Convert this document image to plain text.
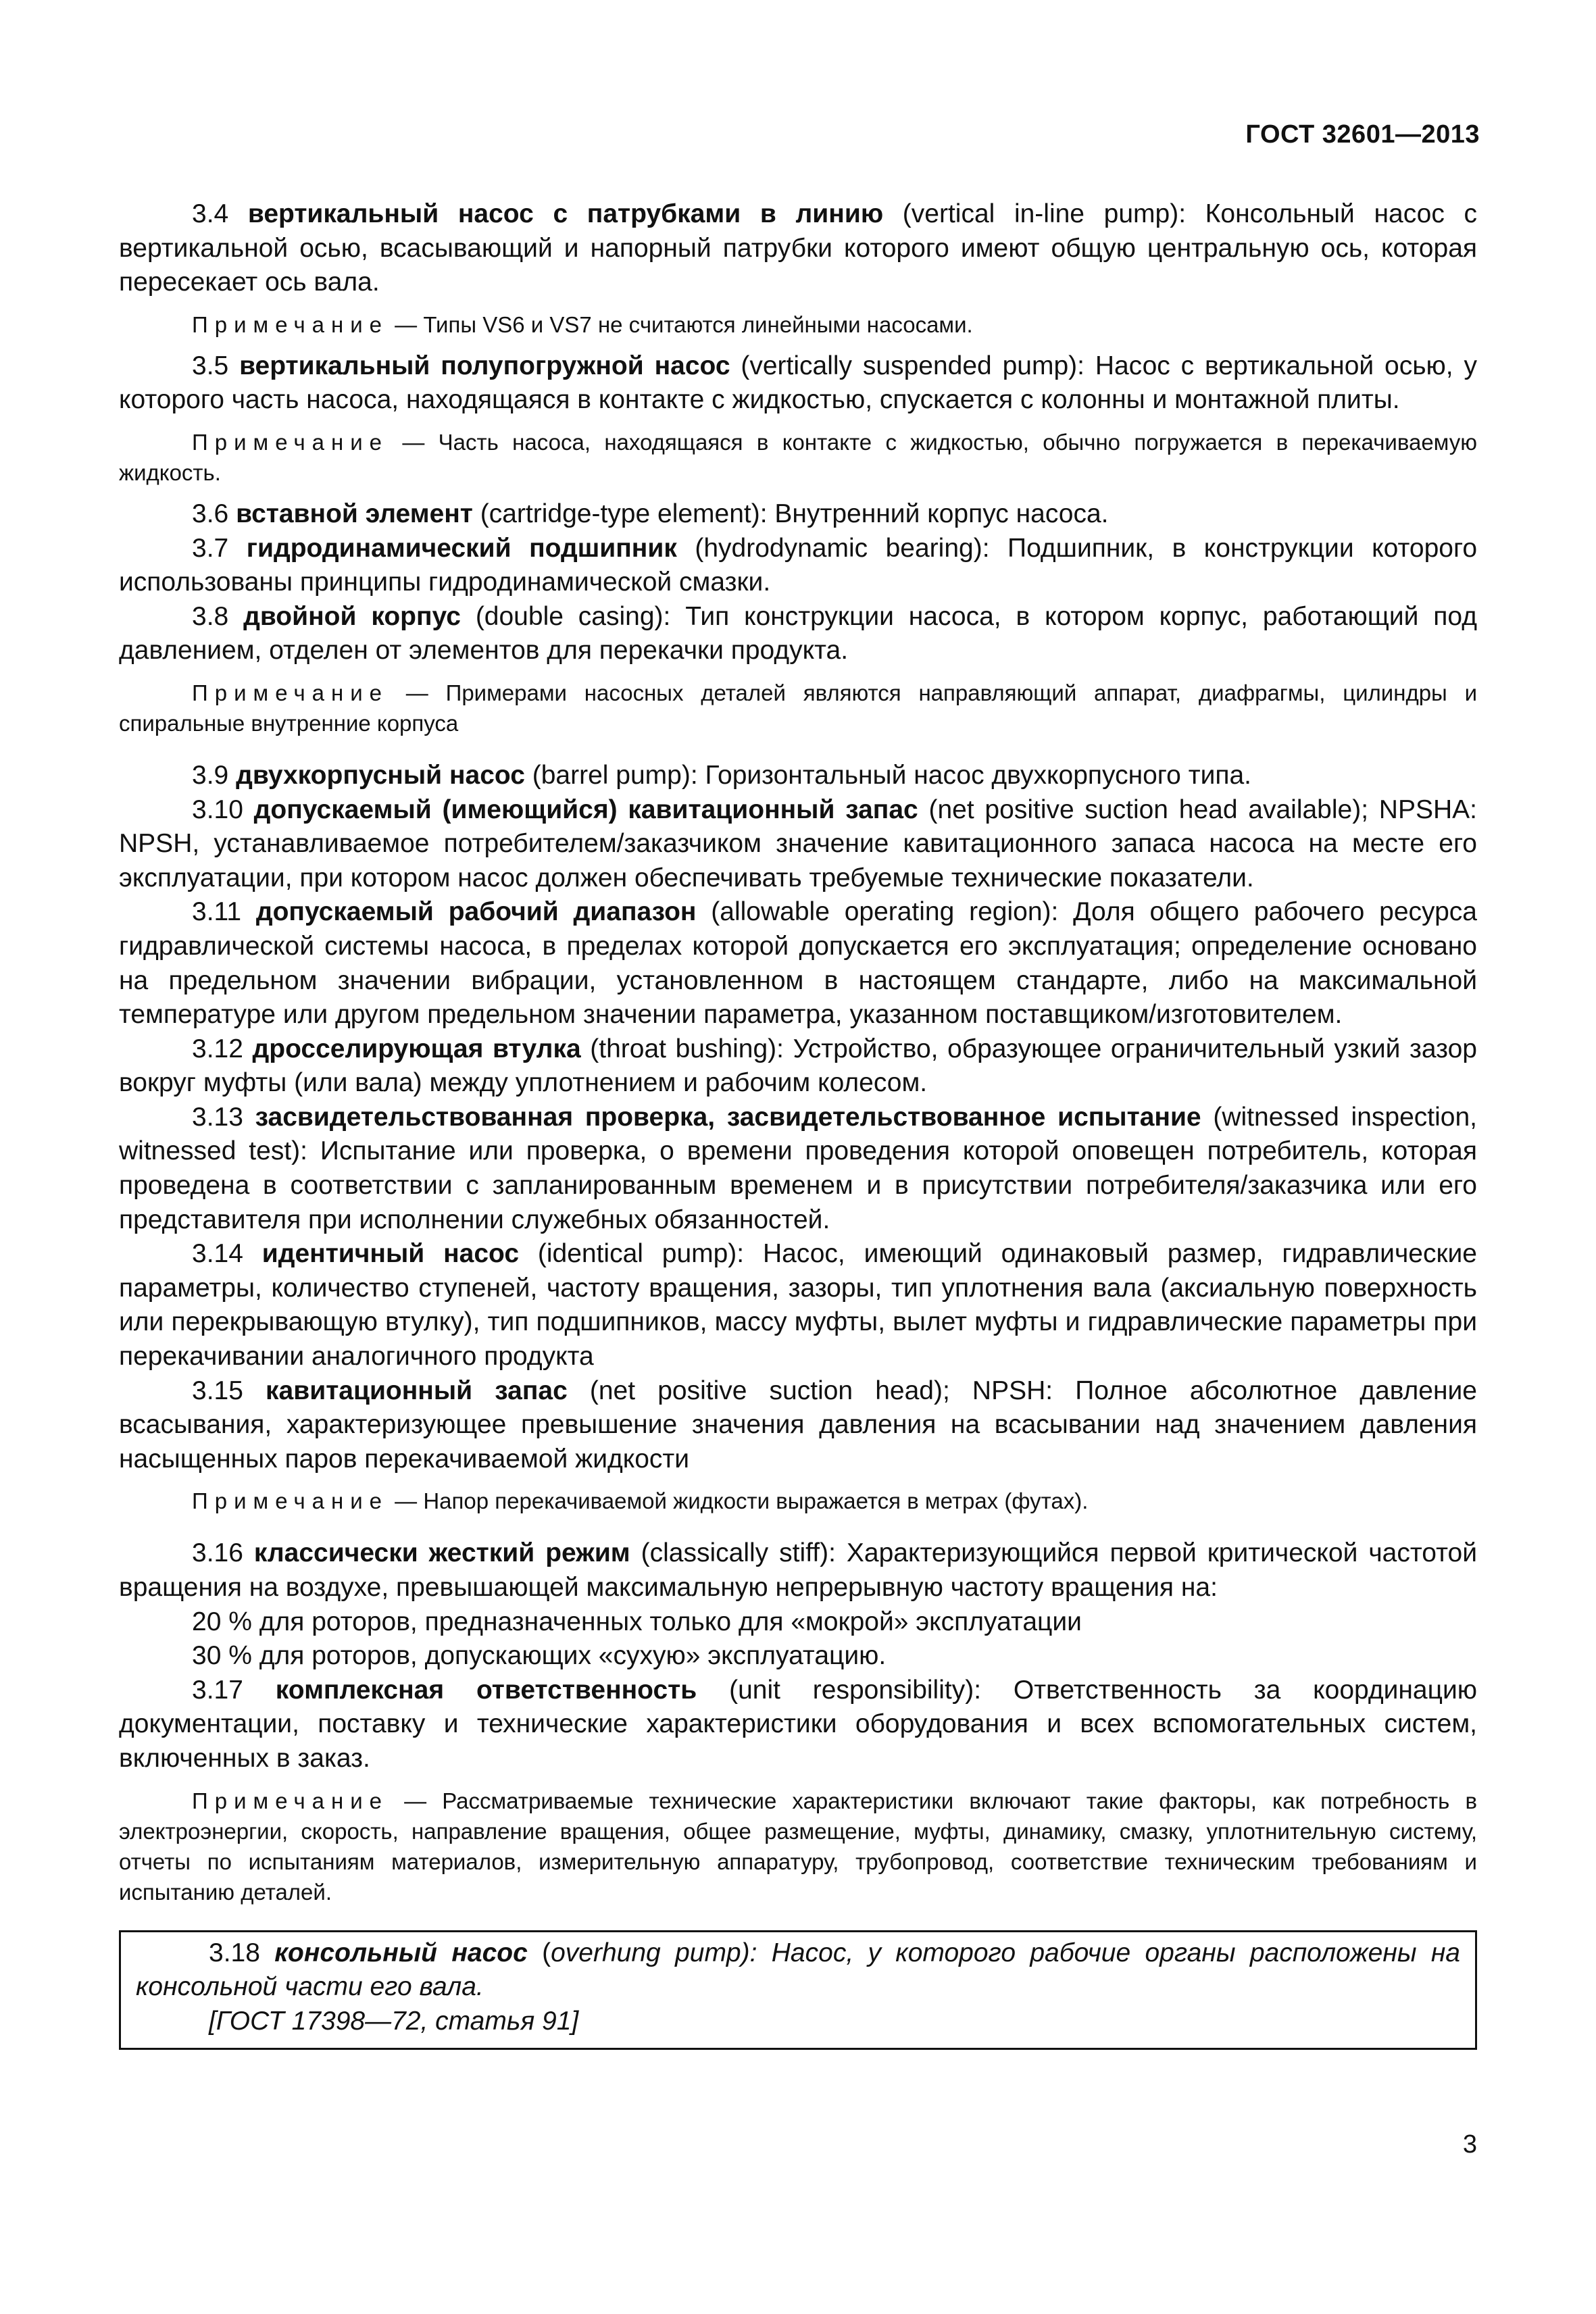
ГОСТ 32601—2013

3.4 вертикальный насос с патрубками в линию (vertical in-line pump): Консольный насос с вертикальной осью, всасывающий и напорный патрубки которого имеют общую центральную ось, которая пересекает ось вала.

Примечание — Типы VS6 и VS7 не считаются линейными насосами.

3.5 вертикальный полупогружной насос (vertically suspended pump): Насос с вертикальной осью, у которого часть насоса, находящаяся в контакте с жидкостью, спускается с колонны и монтажной плиты.

Примечание — Часть насоса, находящаяся в контакте с жидкостью, обычно погружается в перекачиваемую жидкость.

3.6 вставной элемент (cartridge-type element): Внутренний корпус насоса.

3.7 гидродинамический подшипник (hydrodynamic bearing): Подшипник, в конструкции которого использованы принципы гидродинамической смазки.

3.8 двойной корпус (double casing): Тип конструкции насоса, в котором корпус, работающий под давлением, отделен от элементов для перекачки продукта.

Примечание — Примерами насосных деталей являются направляющий аппарат, диафрагмы, цилиндры и спиральные внутренние корпуса

3.9 двухкорпусный насос (barrel pump): Горизонтальный насос двухкорпусного типа.

3.10 допускаемый (имеющийся) кавитационный запас (net positive suction head available); NPSHA: NPSH, устанавливаемое потребителем/заказчиком значение кавитационного запаса насоса на месте его эксплуатации, при котором насос должен обеспечивать требуемые технические показатели.

3.11 допускаемый рабочий диапазон (allowable operating region): Доля общего рабочего ресурса гидравлической системы насоса, в пределах которой допускается его эксплуатация; определение основано на предельном значении вибрации, установленном в настоящем стандарте, либо на максимальной температуре или другом предельном значении параметра, указанном поставщиком/изготовителем.

3.12 дросселирующая втулка (throat bushing): Устройство, образующее ограничительный узкий зазор вокруг муфты (или вала) между уплотнением и рабочим колесом.

3.13 засвидетельствованная проверка, засвидетельствованное испытание (witnessed inspection, witnessed test): Испытание или проверка, о времени проведения которой оповещен потребитель, которая проведена в соответствии с запланированным временем и в присутствии потребителя/заказчика или его представителя при исполнении служебных обязанностей.

3.14 идентичный насос (identical pump): Насос, имеющий одинаковый размер, гидравлические параметры, количество ступеней, частоту вращения, зазоры, тип уплотнения вала (аксиальную поверхность или перекрывающую втулку), тип подшипников, массу муфты, вылет муфты и гидравлические параметры при перекачивании аналогичного продукта

3.15 кавитационный запас (net positive suction head); NPSH: Полное абсолютное давление всасывания, характеризующее превышение значения давления на всасывании над значением давления насыщенных паров перекачиваемой жидкости

Примечание — Напор перекачиваемой жидкости выражается в метрах (футах).

3.16 классически жесткий режим (classically stiff): Характеризующийся первой критической частотой вращения на воздухе, превышающей максимальную непрерывную частоту вращения на:

20 % для роторов, предназначенных только для «мокрой» эксплуатации

30 % для роторов, допускающих «сухую» эксплуатацию.

3.17 комплексная ответственность (unit responsibility): Ответственность за координацию документации, поставку и технические характеристики оборудования и всех вспомогательных систем, включенных в заказ.

Примечание — Рассматриваемые технические характеристики включают такие факторы, как потребность в электроэнергии, скорость, направление вращения, общее размещение, муфты, динамику, смазку, уплотнительную систему, отчеты по испытаниям материалов, измерительную аппаратуру, трубопровод, соответствие техническим требованиям и испытанию деталей.

3.18 консольный насос (overhung pump): Насос, у которого рабочие органы расположены на консольной части его вала.

[ГОСТ 17398—72, статья 91]

3
